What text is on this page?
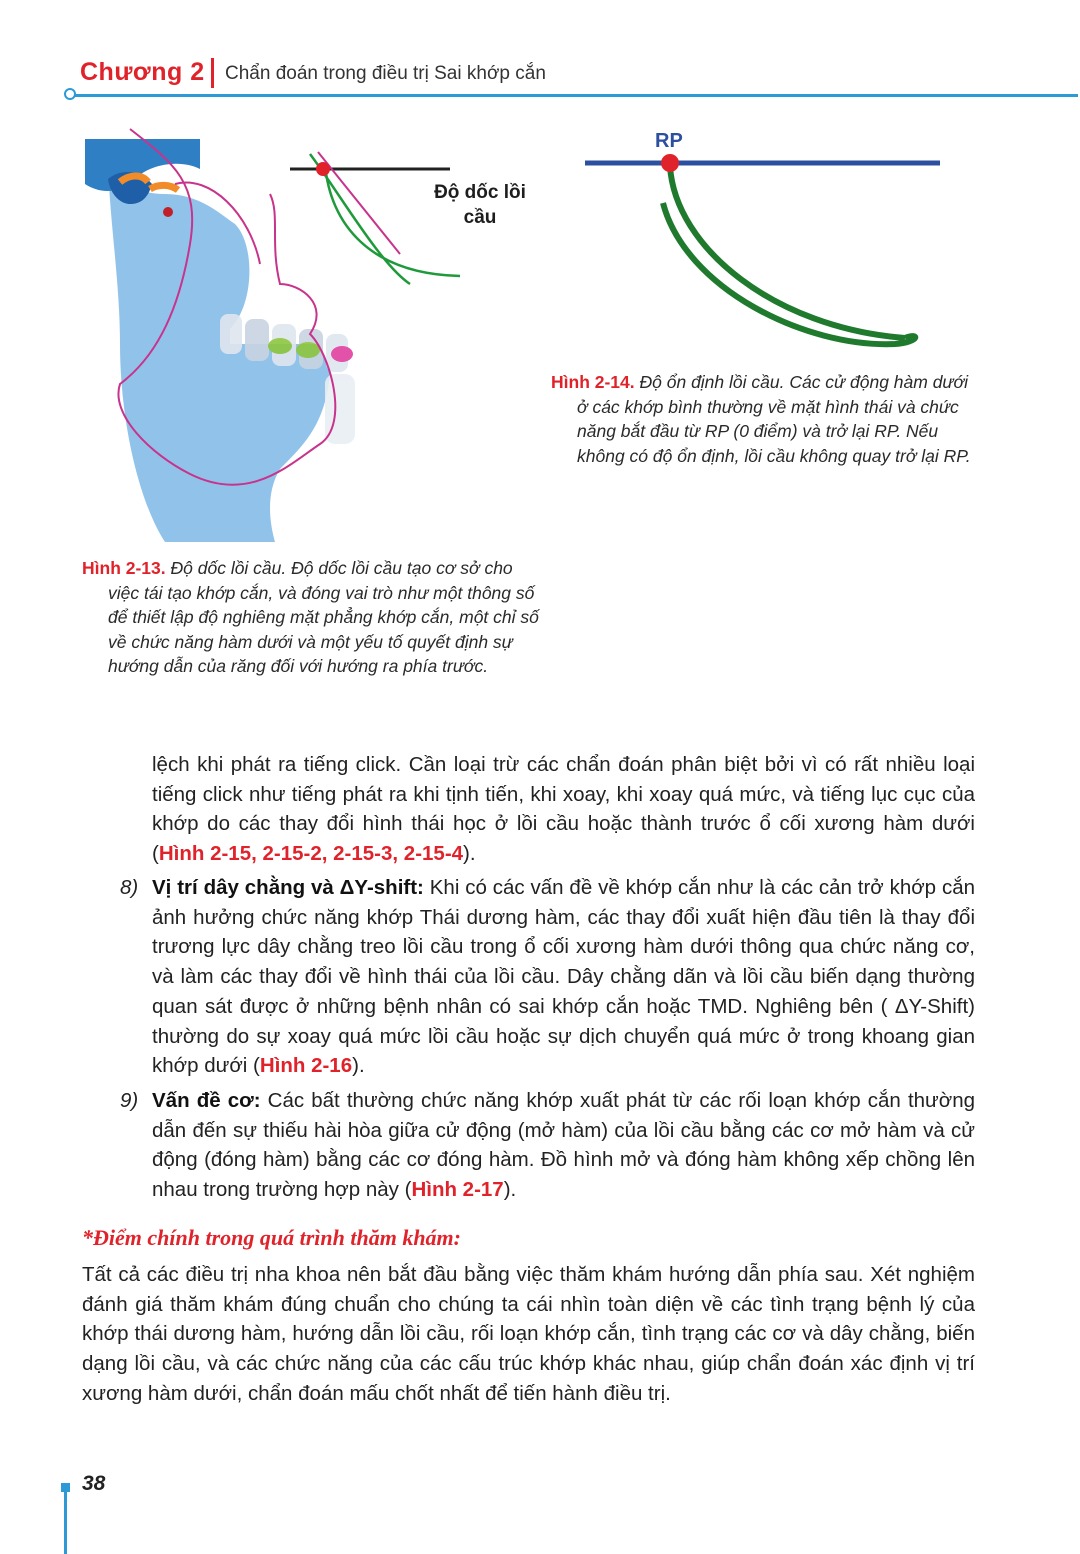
Chương 2 Chẩn đoán trong điều trị Sai khớp cắn
Độ dốc lồi cầu
RP
Hình 2-14. Độ ổn định lồi cầu. Các cử động hàm dưới ở các khớp bình thường về mặt hình thái và chức năng bắt đầu từ RP (0 điểm) và trở lại RP. Nếu không có độ ổn định, lồi cầu không quay trở lại RP.
Hình 2-13. Độ dốc lồi cầu. Độ dốc lồi cầu tạo cơ sở cho việc tái tạo khớp cắn, và đóng vai trò như một thông số để thiết lập độ nghiêng mặt phẳng khớp cắn, một chỉ số về chức năng hàm dưới và một yếu tố quyết định sự hướng dẫn của răng đối với hướng ra phía trước.
lệch khi phát ra tiếng click. Cần loại trừ các chẩn đoán phân biệt bởi vì có rất nhiều loại tiếng click như tiếng phát ra khi tịnh tiến, khi xoay, khi xoay quá mức, và tiếng lục cục của khớp do các thay đổi hình thái học ở lồi cầu hoặc thành trước ổ cối xương hàm dưới (Hình 2-15, 2-15-2, 2-15-3, 2-15-4).
8) Vị trí dây chằng và ΔY-shift: Khi có các vấn đề về khớp cắn như là các cản trở khớp cắn ảnh hưởng chức năng khớp Thái dương hàm, các thay đổi xuất hiện đầu tiên là thay đổi trương lực dây chằng treo lồi cầu trong ổ cối xương hàm dưới thông qua chức năng cơ, và làm các thay đổi về hình thái của lồi cầu. Dây chằng dãn và lồi cầu biến dạng thường quan sát được ở những bệnh nhân có sai khớp cắn hoặc TMD. Nghiêng bên ( ΔY-Shift) thường do sự xoay quá mức lồi cầu hoặc sự dịch chuyển quá mức ở trong khoang gian khớp dưới (Hình 2-16).
9) Vấn đề cơ: Các bất thường chức năng khớp xuất phát từ các rối loạn khớp cắn thường dẫn đến sự thiếu hài hòa giữa cử động (mở hàm) của lồi cầu bằng các cơ mở hàm và cử động (đóng hàm) bằng các cơ đóng hàm. Đồ hình mở và đóng hàm không xếp chồng lên nhau trong trường hợp này (Hình 2-17).
*Điểm chính trong quá trình thăm khám:
Tất cả các điều trị nha khoa nên bắt đầu bằng việc thăm khám hướng dẫn phía sau. Xét nghiệm đánh giá thăm khám đúng chuẩn cho chúng ta cái nhìn toàn diện về các tình trạng bệnh lý của khớp thái dương hàm, hướng dẫn lồi cầu, rối loạn khớp cắn, tình trạng các cơ và dây chằng, biến dạng lồi cầu, và các chức năng của các cấu trúc khớp khác nhau, giúp chẩn đoán xác định vị trí xương hàm dưới, chẩn đoán mấu chốt nhất để tiến hành điều trị.
38
